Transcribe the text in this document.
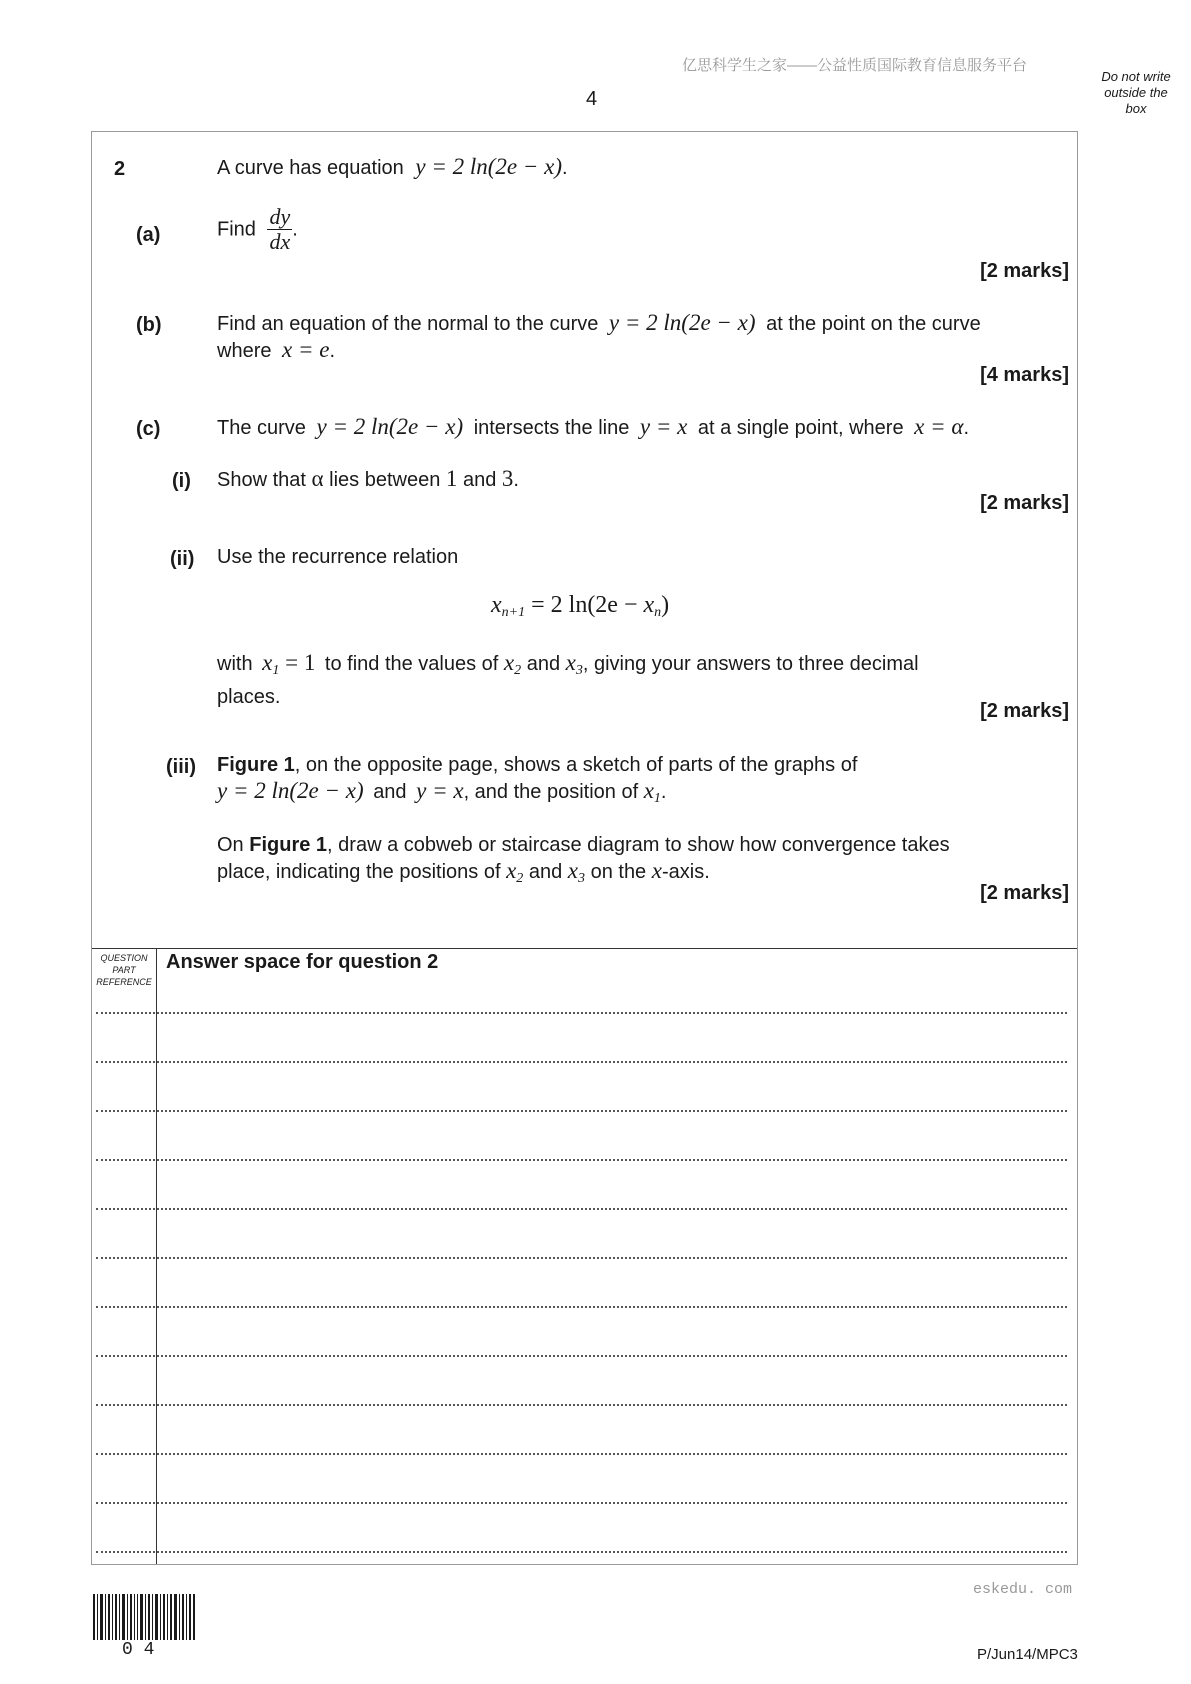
亿思科学生之家——公益性质国际教育信息服务平台
4
Do not write outside the box
2	A curve has equation y = 2 ln(2e − x).
(a)	Find $\frac{dy}{dx}$ .
[2 marks]
(b)	Find an equation of the normal to the curve y = 2 ln(2e − x) at the point on the curve
where x = e.
[4 marks]
(c)	The curve y = 2 ln(2e − x) intersects the line y = x at a single point, where x = α.
(i) Show that α lies between 1 and 3.
[2 marks]
(ii) Use the recurrence relation
$x_{n+1} = 2$ $\ln(2e - x_n)$
with $x_1 = 1$ to find the values of $x_2$ and $x_3$, giving your answers to three decimal
places.
[2 marks]
(iii) Figure 1, on the opposite page, shows a sketch of parts of the graphs of
y = 2 ln(2e − x) and y = x, and the position of $x_1$.
On Figure 1, draw a cobweb or staircase diagram to show how convergence takes
place, indicating the positions of $x_2$ and $x_3$ on the x-axis.
[2 marks]
QUESTION
PART
REFERENCE
Answer space for question 2
eskedu. com
0 4	P/Jun14/MPC3
